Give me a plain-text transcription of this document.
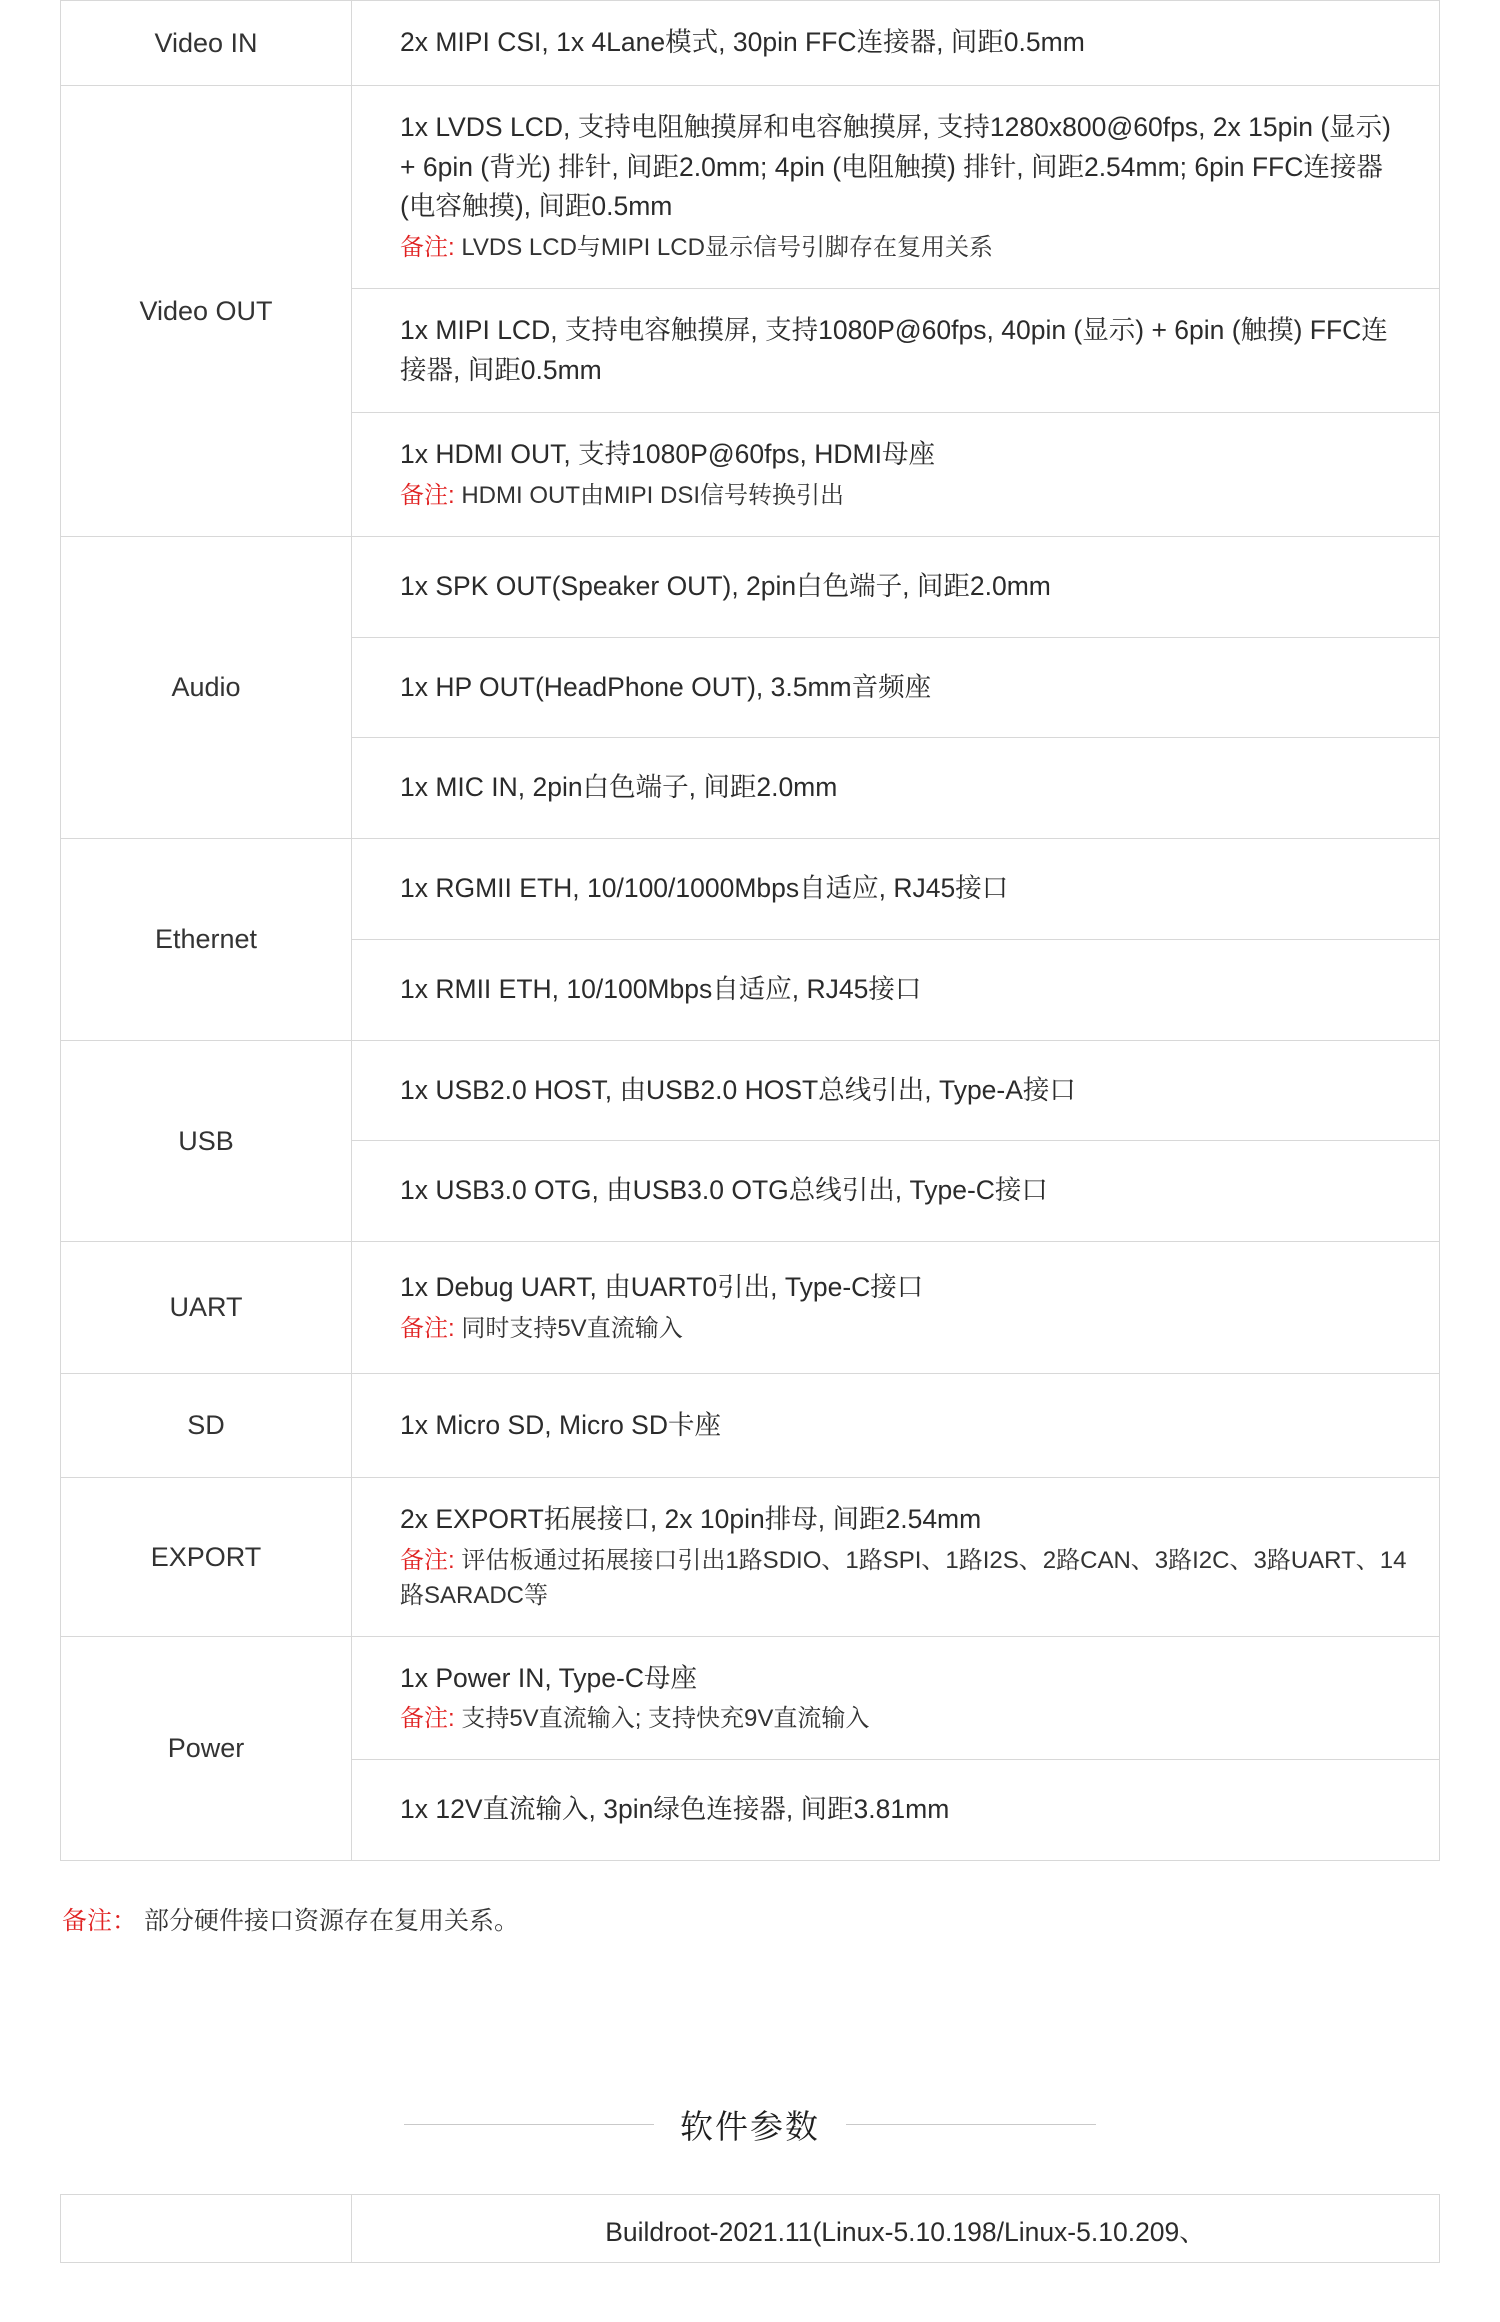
Video IN	2x MIPI CSI, 1x 4Lane模式, 30pin FFC连接器, 间距0.5mm

Video OUT	1x LVDS LCD, 支持电阻触摸屏和电容触摸屏, 支持1280x800@60fps, 2x 15pin (显示)　+ 6pin (背光) 排针, 间距2.0mm; 4pin (电阻触摸) 排针, 间距2.54mm; 6pin FFC连接器 (电容触摸), 间距0.5mm
备注: LVDS LCD与MIPI LCD显示信号引脚存在复用关系
1x MIPI LCD, 支持电容触摸屏, 支持1080P@60fps, 40pin (显示) + 6pin (触摸) FFC连接器, 间距0.5mm
1x HDMI OUT, 支持1080P@60fps, HDMI母座
备注: HDMI OUT由MIPI DSI信号转换引出

Audio	1x SPK OUT(Speaker OUT), 2pin白色端子, 间距2.0mm
1x HP OUT(HeadPhone OUT), 3.5mm音频座
1x MIC IN, 2pin白色端子, 间距2.0mm

Ethernet	1x RGMII ETH, 10/100/1000Mbps自适应, RJ45接口
1x RMII ETH, 10/100Mbps自适应, RJ45接口

USB	1x USB2.0 HOST, 由USB2.0 HOST总线引出, Type-A接口
1x USB3.0 OTG, 由USB3.0 OTG总线引出, Type-C接口

UART	1x Debug UART, 由UART0引出, Type-C接口
备注: 同时支持5V直流输入

SD	1x Micro SD, Micro SD卡座

EXPORT	2x EXPORT拓展接口, 2x 10pin排母, 间距2.54mm
备注: 评估板通过拓展接口引出1路SDIO、1路SPI、1路I2S、2路CAN、3路I2C、3路UART、14路SARADC等

Power	1x Power IN, Type-C母座
备注: 支持5V直流输入; 支持快充9V直流输入
1x 12V直流输入, 3pin绿色连接器, 间距3.81mm
备注： 部分硬件接口资源存在复用关系。
软件参数

Buildroot-2021.11(Linux-5.10.198/Linux-5.10.209、
